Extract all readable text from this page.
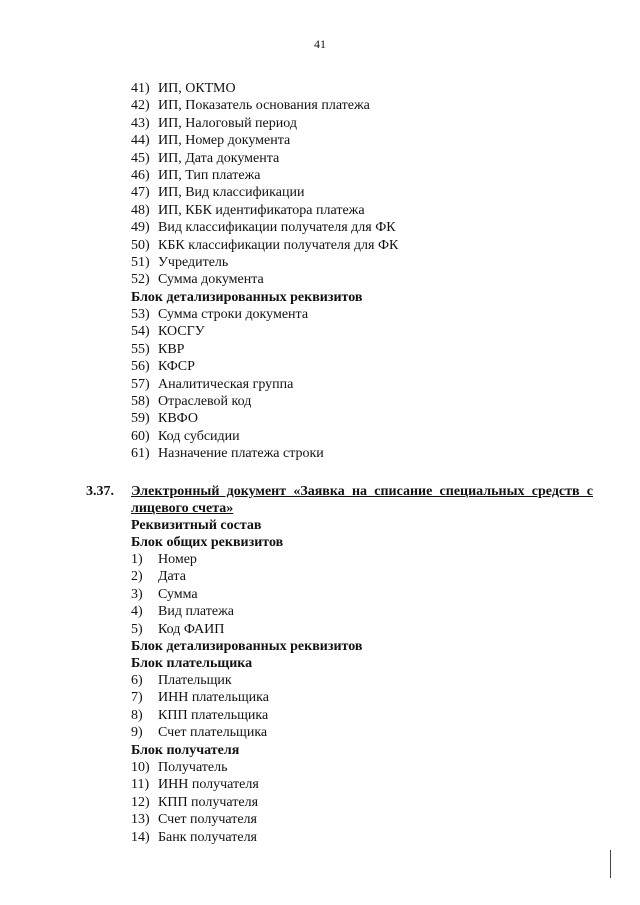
41
41) ИП, ОКТМО
42) ИП, Показатель основания платежа
43) ИП, Налоговый период
44) ИП, Номер документа
45) ИП, Дата документа
46) ИП, Тип платежа
47) ИП, Вид классификации
48) ИП, КБК идентификатора платежа
49) Вид классификации получателя для ФК
50) КБК классификации получателя для ФК
51) Учредитель
52) Сумма документа
Блок детализированных реквизитов
53) Сумма строки документа
54) КОСГУ
55) КВР
56) КФСР
57) Аналитическая группа
58) Отраслевой код
59) КВФО
60) Код субсидии
61) Назначение платежа строки
3.37. Электронный документ «Заявка на списание специальных средств с лицевого счета»
Реквизитный состав
Блок общих реквизитов
1) Номер
2) Дата
3) Сумма
4) Вид платежа
5) Код ФАИП
Блок детализированных реквизитов
Блок плательщика
6) Плательщик
7) ИНН плательщика
8) КПП плательщика
9) Счет плательщика
Блок получателя
10) Получатель
11) ИНН получателя
12) КПП получателя
13) Счет получателя
14) Банк получателя
